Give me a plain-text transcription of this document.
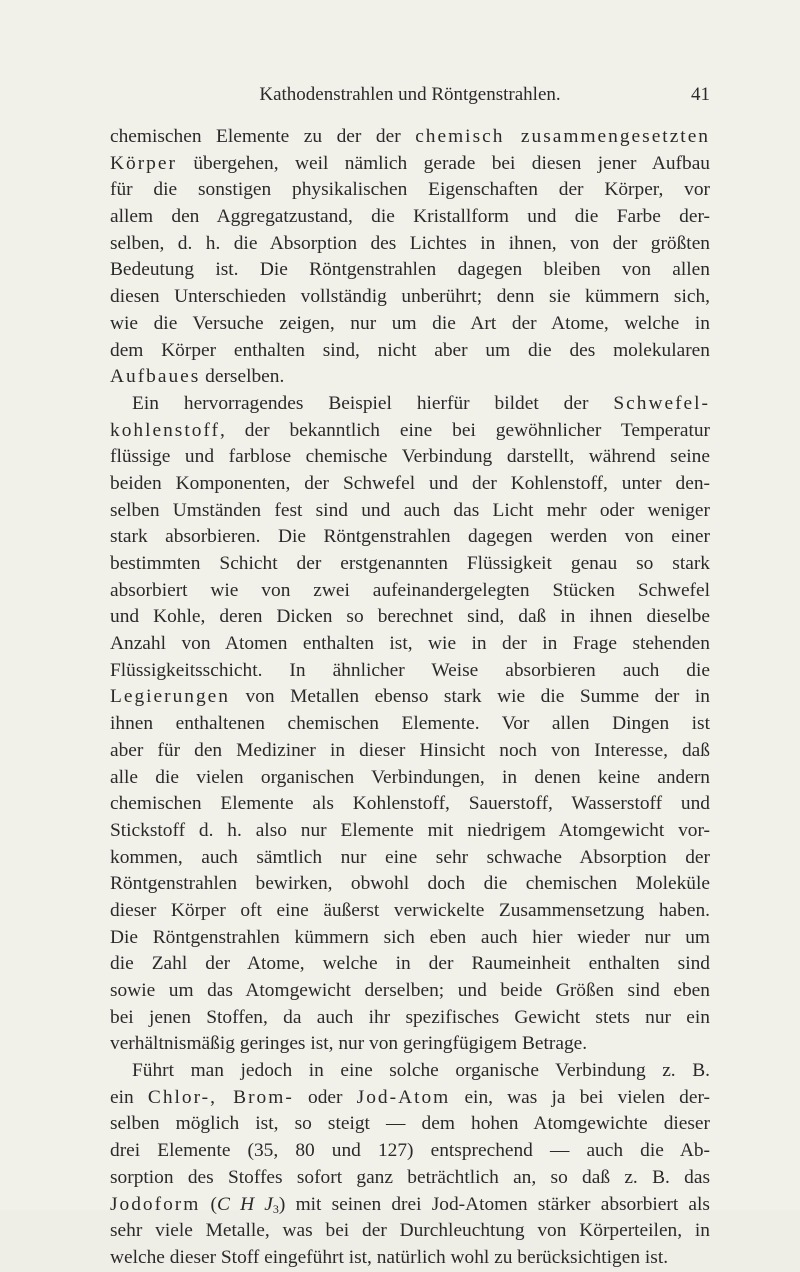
Kathodenstrahlen und Röntgenstrahlen.	41
chemischen Elemente zu der der chemisch zusammengesetzten
Körper übergehen, weil nämlich gerade bei diesen jener Aufbau
für die sonstigen physikalischen Eigenschaften der Körper, vor
allem den Aggregatzustand, die Kristallform und die Farbe der-
selben, d. h. die Absorption des Lichtes in ihnen, von der größten
Bedeutung ist. Die Röntgenstrahlen dagegen bleiben von allen
diesen Unterschieden vollständig unberührt; denn sie kümmern sich,
wie die Versuche zeigen, nur um die Art der Atome, welche in
dem Körper enthalten sind, nicht aber um die des molekularen
Aufbaues derselben.
Ein hervorragendes Beispiel hierfür bildet der Schwefel-
kohlenstoff, der bekanntlich eine bei gewöhnlicher Temperatur
flüssige und farblose chemische Verbindung darstellt, während seine
beiden Komponenten, der Schwefel und der Kohlenstoff, unter den-
selben Umständen fest sind und auch das Licht mehr oder weniger
stark absorbieren. Die Röntgenstrahlen dagegen werden von einer
bestimmten Schicht der erstgenannten Flüssigkeit genau so stark
absorbiert wie von zwei aufeinandergelegten Stücken Schwefel
und Kohle, deren Dicken so berechnet sind, daß in ihnen dieselbe
Anzahl von Atomen enthalten ist, wie in der in Frage stehenden
Flüssigkeitsschicht. In ähnlicher Weise absorbieren auch die
Legierungen von Metallen ebenso stark wie die Summe der in
ihnen enthaltenen chemischen Elemente. Vor allen Dingen ist
aber für den Mediziner in dieser Hinsicht noch von Interesse, daß
alle die vielen organischen Verbindungen, in denen keine andern
chemischen Elemente als Kohlenstoff, Sauerstoff, Wasserstoff und
Stickstoff d. h. also nur Elemente mit niedrigem Atomgewicht vor-
kommen, auch sämtlich nur eine sehr schwache Absorption der
Röntgenstrahlen bewirken, obwohl doch die chemischen Moleküle
dieser Körper oft eine äußerst verwickelte Zusammensetzung haben.
Die Röntgenstrahlen kümmern sich eben auch hier wieder nur um
die Zahl der Atome, welche in der Raumeinheit enthalten sind
sowie um das Atomgewicht derselben; und beide Größen sind eben
bei jenen Stoffen, da auch ihr spezifisches Gewicht stets nur ein
verhältnismäßig geringes ist, nur von geringfügigem Betrage.
Führt man jedoch in eine solche organische Verbindung z. B.
ein Chlor-, Brom- oder Jod-Atom ein, was ja bei vielen der-
selben möglich ist, so steigt — dem hohen Atomgewichte dieser
drei Elemente (35, 80 und 127) entsprechend — auch die Ab-
sorption des Stoffes sofort ganz beträchtlich an, so daß z. B. das
Jodoform (C H $J_3$) mit seinen drei Jod-Atomen stärker absorbiert als
sehr viele Metalle, was bei der Durchleuchtung von Körperteilen, in
welche dieser Stoff eingeführt ist, natürlich wohl zu berücksichtigen ist.
